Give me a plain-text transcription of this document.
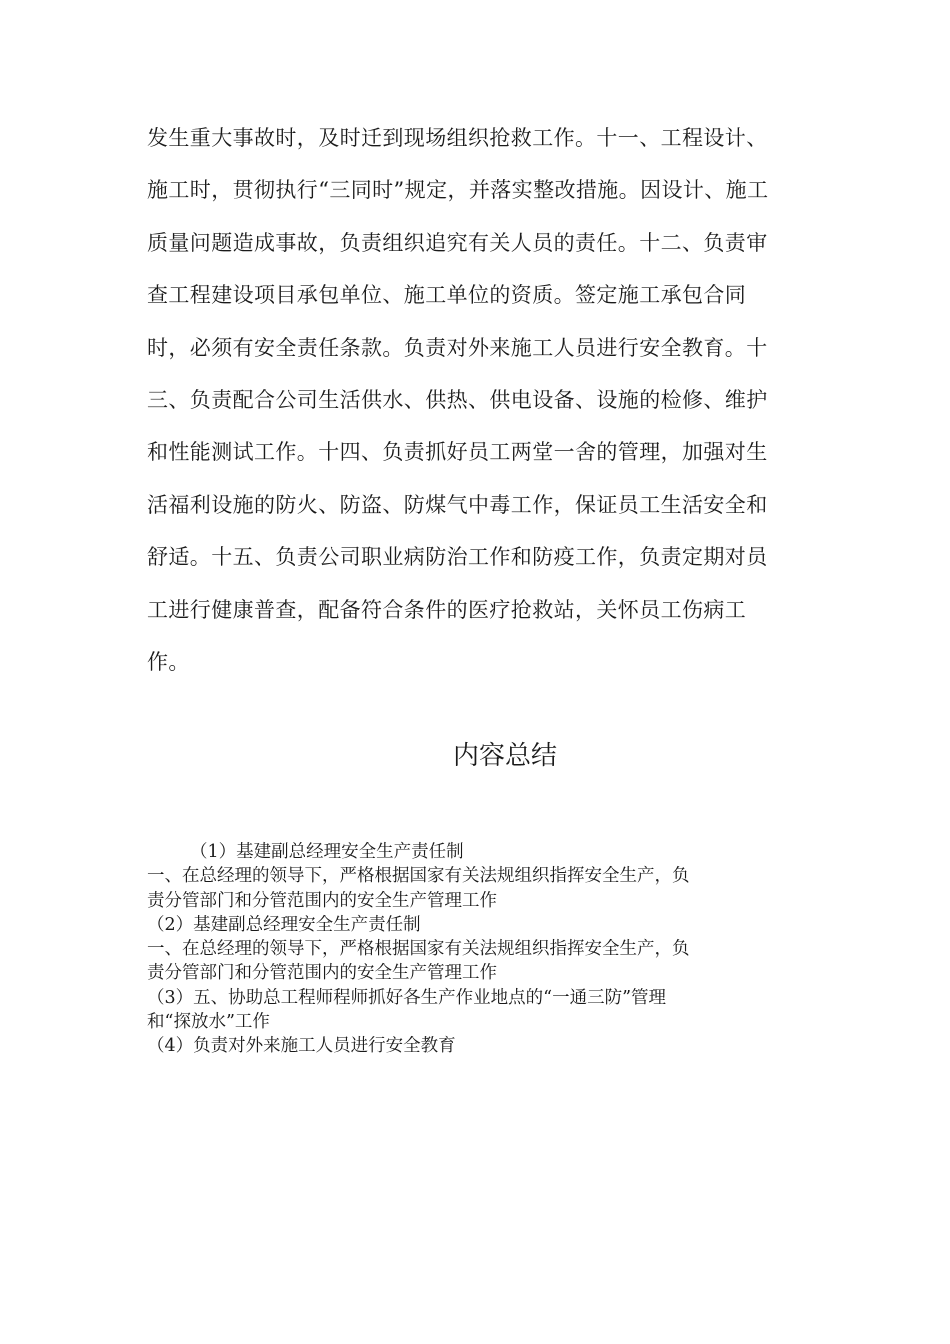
发生重大事故时，及时迁到现场组织抢救工作。十一、工程设计、
施工时，贯彻执行“三同时”规定，并落实整改措施。因设计、施工
质量问题造成事故，负责组织追究有关人员的责任。十二、负责审
查工程建设项目承包单位、施工单位的资质。签定施工承包合同
时，必须有安全责任条款。负责对外来施工人员进行安全教育。十
三、负责配合公司生活供水、供热、供电设备、设施的检修、维护
和性能测试工作。十四、负责抓好员工两堂一舍的管理，加强对生
活福利设施的防火、防盗、防煤气中毒工作，保证员工生活安全和
舒适。十五、负责公司职业病防治工作和防疫工作，负责定期对员
工进行健康普查，配备符合条件的医疗抢救站，关怀员工伤病工
作。
内容总结
（1）基建副总经理安全生产责任制
一、在总经理的领导下，严格根据国家有关法规组织指挥安全生产，负
责分管部门和分管范围内的安全生产管理工作
（2）基建副总经理安全生产责任制
一、在总经理的领导下，严格根据国家有关法规组织指挥安全生产，负
责分管部门和分管范围内的安全生产管理工作
（3）五、协助总工程师程师抓好各生产作业地点的“一通三防”管理
和“探放水”工作
（4）负责对外来施工人员进行安全教育
